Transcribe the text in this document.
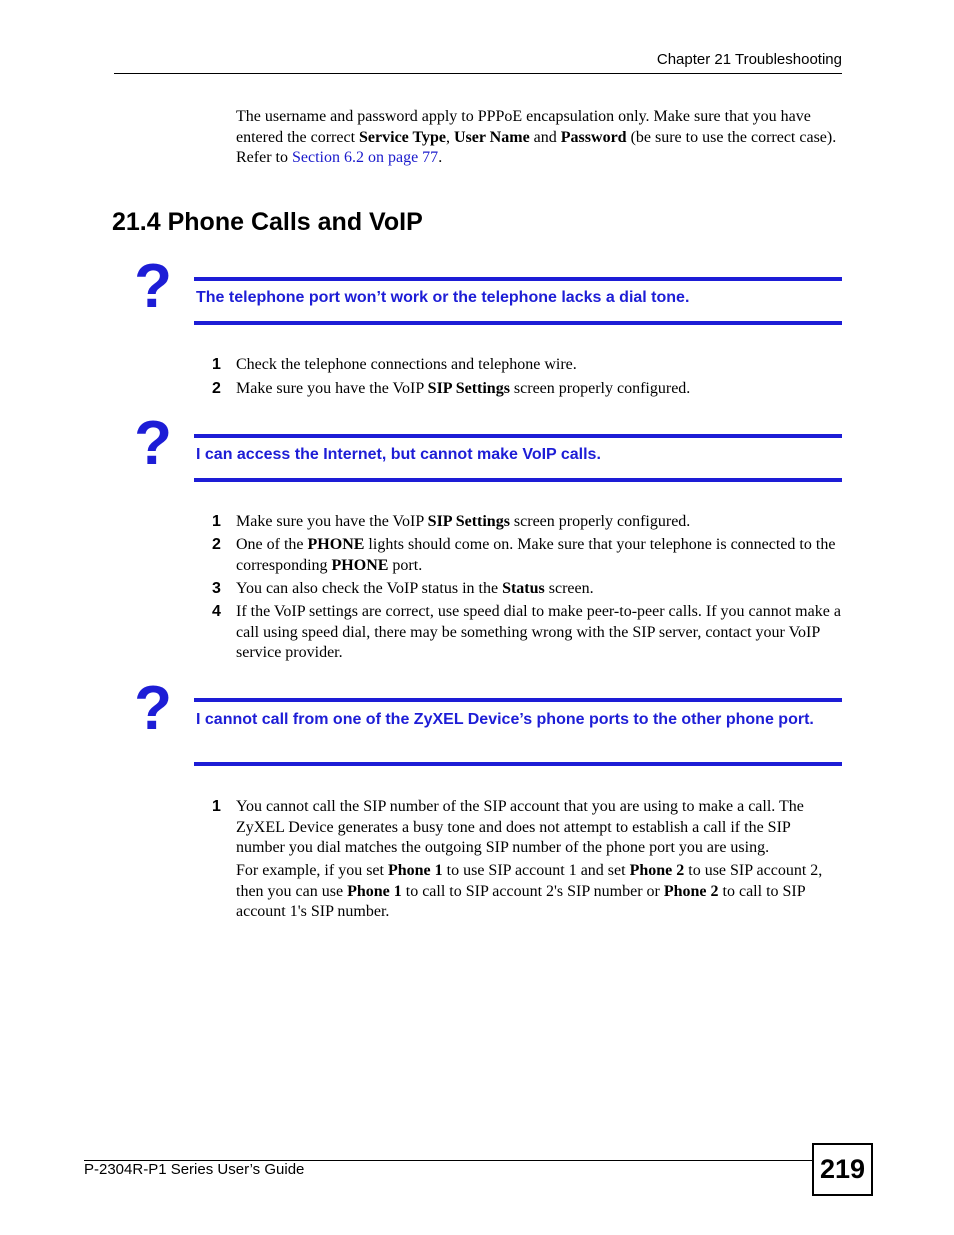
Chapter 21 Troubleshooting
The username and password apply to PPPoE encapsulation only. Make sure that you have entered the correct Service Type, User Name and Password (be sure to use the correct case). Refer to Section 6.2 on page 77.
21.4 Phone Calls and VoIP
? The telephone port won’t work or the telephone lacks a dial tone.
1 Check the telephone connections and telephone wire.
2 Make sure you have the VoIP SIP Settings screen properly configured.
? I can access the Internet, but cannot make VoIP calls.
1 Make sure you have the VoIP SIP Settings screen properly configured.
2 One of the PHONE lights should come on. Make sure that your telephone is connected to the corresponding PHONE port.
3 You can also check the VoIP status in the Status screen.
4 If the VoIP settings are correct, use speed dial to make peer-to-peer calls. If you cannot make a call using speed dial, there may be something wrong with the SIP server, contact your VoIP service provider.
? I cannot call from one of the ZyXEL Device’s phone ports to the other phone port.
1 You cannot call the SIP number of the SIP account that you are using to make a call. The ZyXEL Device generates a busy tone and does not attempt to establish a call if the SIP number you dial matches the outgoing SIP number of the phone port you are using.
For example, if you set Phone 1 to use SIP account 1 and set Phone 2 to use SIP account 2, then you can use Phone 1 to call to SIP account 2's SIP number or Phone 2 to call to SIP account 1's SIP number.
P-2304R-P1 Series User’s Guide	219
